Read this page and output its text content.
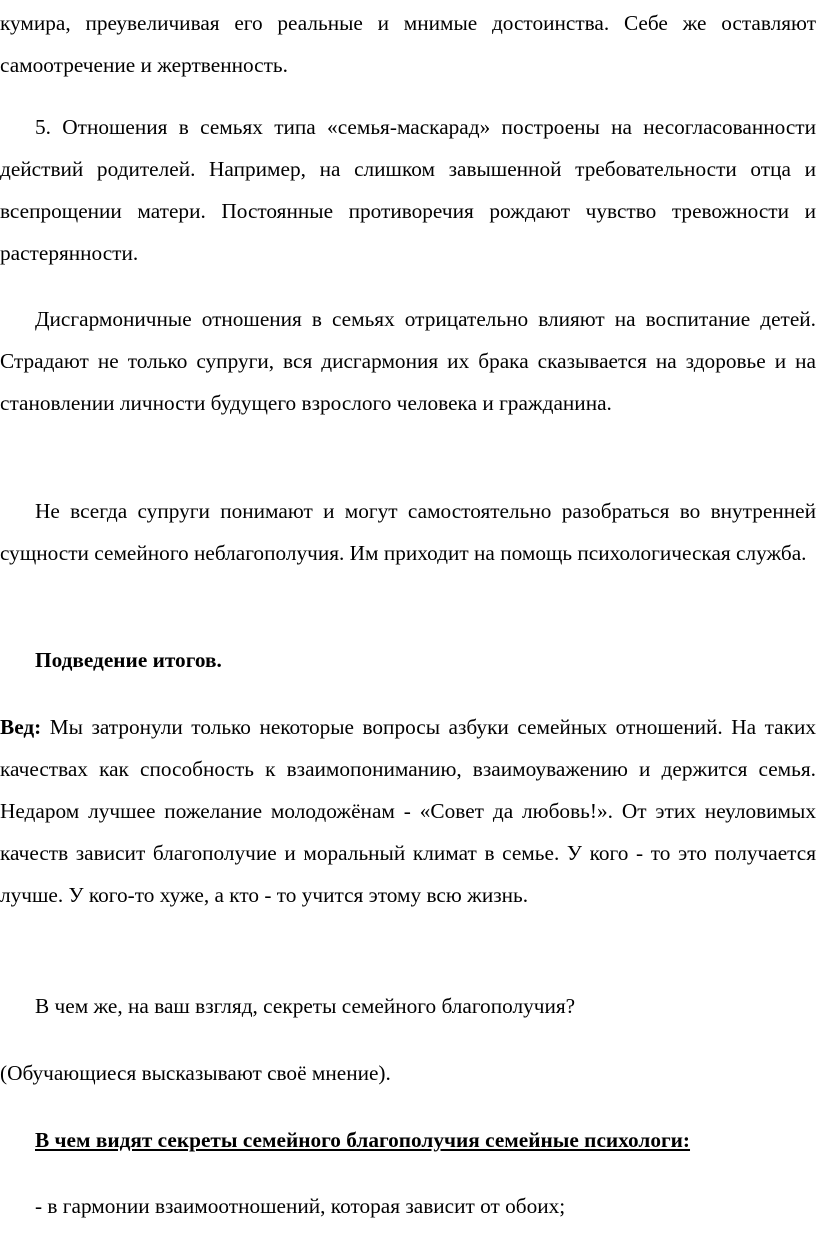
кумира, преувеличивая его реальные и мнимые достоинства. Себе же оставляют самоотречение и жертвенность.

5. Отношения в семьях типа «семья-маскарад» построены на несогласованности действий родителей. Например, на слишком завышенной требовательности отца и всепрощении матери. Постоянные противоречия рождают чувство тревожности и растерянности.

Дисгармоничные отношения в семьях отрицательно влияют на воспитание детей. Страдают не только супруги, вся дисгармония их брака сказывается на здоровье и на становлении личности будущего взрослого человека и гражданина.

Не всегда супруги понимают и могут самостоятельно разобраться во внутренней сущности семейного неблагополучия. Им приходит на помощь психологическая служба.

Подведение итогов.

Вед: Мы затронули только некоторые вопросы азбуки семейных отношений. На таких качествах как способность к взаимопониманию, взаимоуважению и держится семья. Недаром лучшее пожелание молодожёнам - «Совет да любовь!». От этих неуловимых качеств зависит благополучие и моральный климат в семье. У кого - то это получается лучше. У кого-то хуже, а кто - то учится этому всю жизнь.

В чем же, на ваш взгляд, секреты семейного благополучия?

(Обучающиеся высказывают своё мнение).

В чем видят секреты семейного благополучия семейные психологи:

- в гармонии взаимоотношений, которая зависит от обоих;
